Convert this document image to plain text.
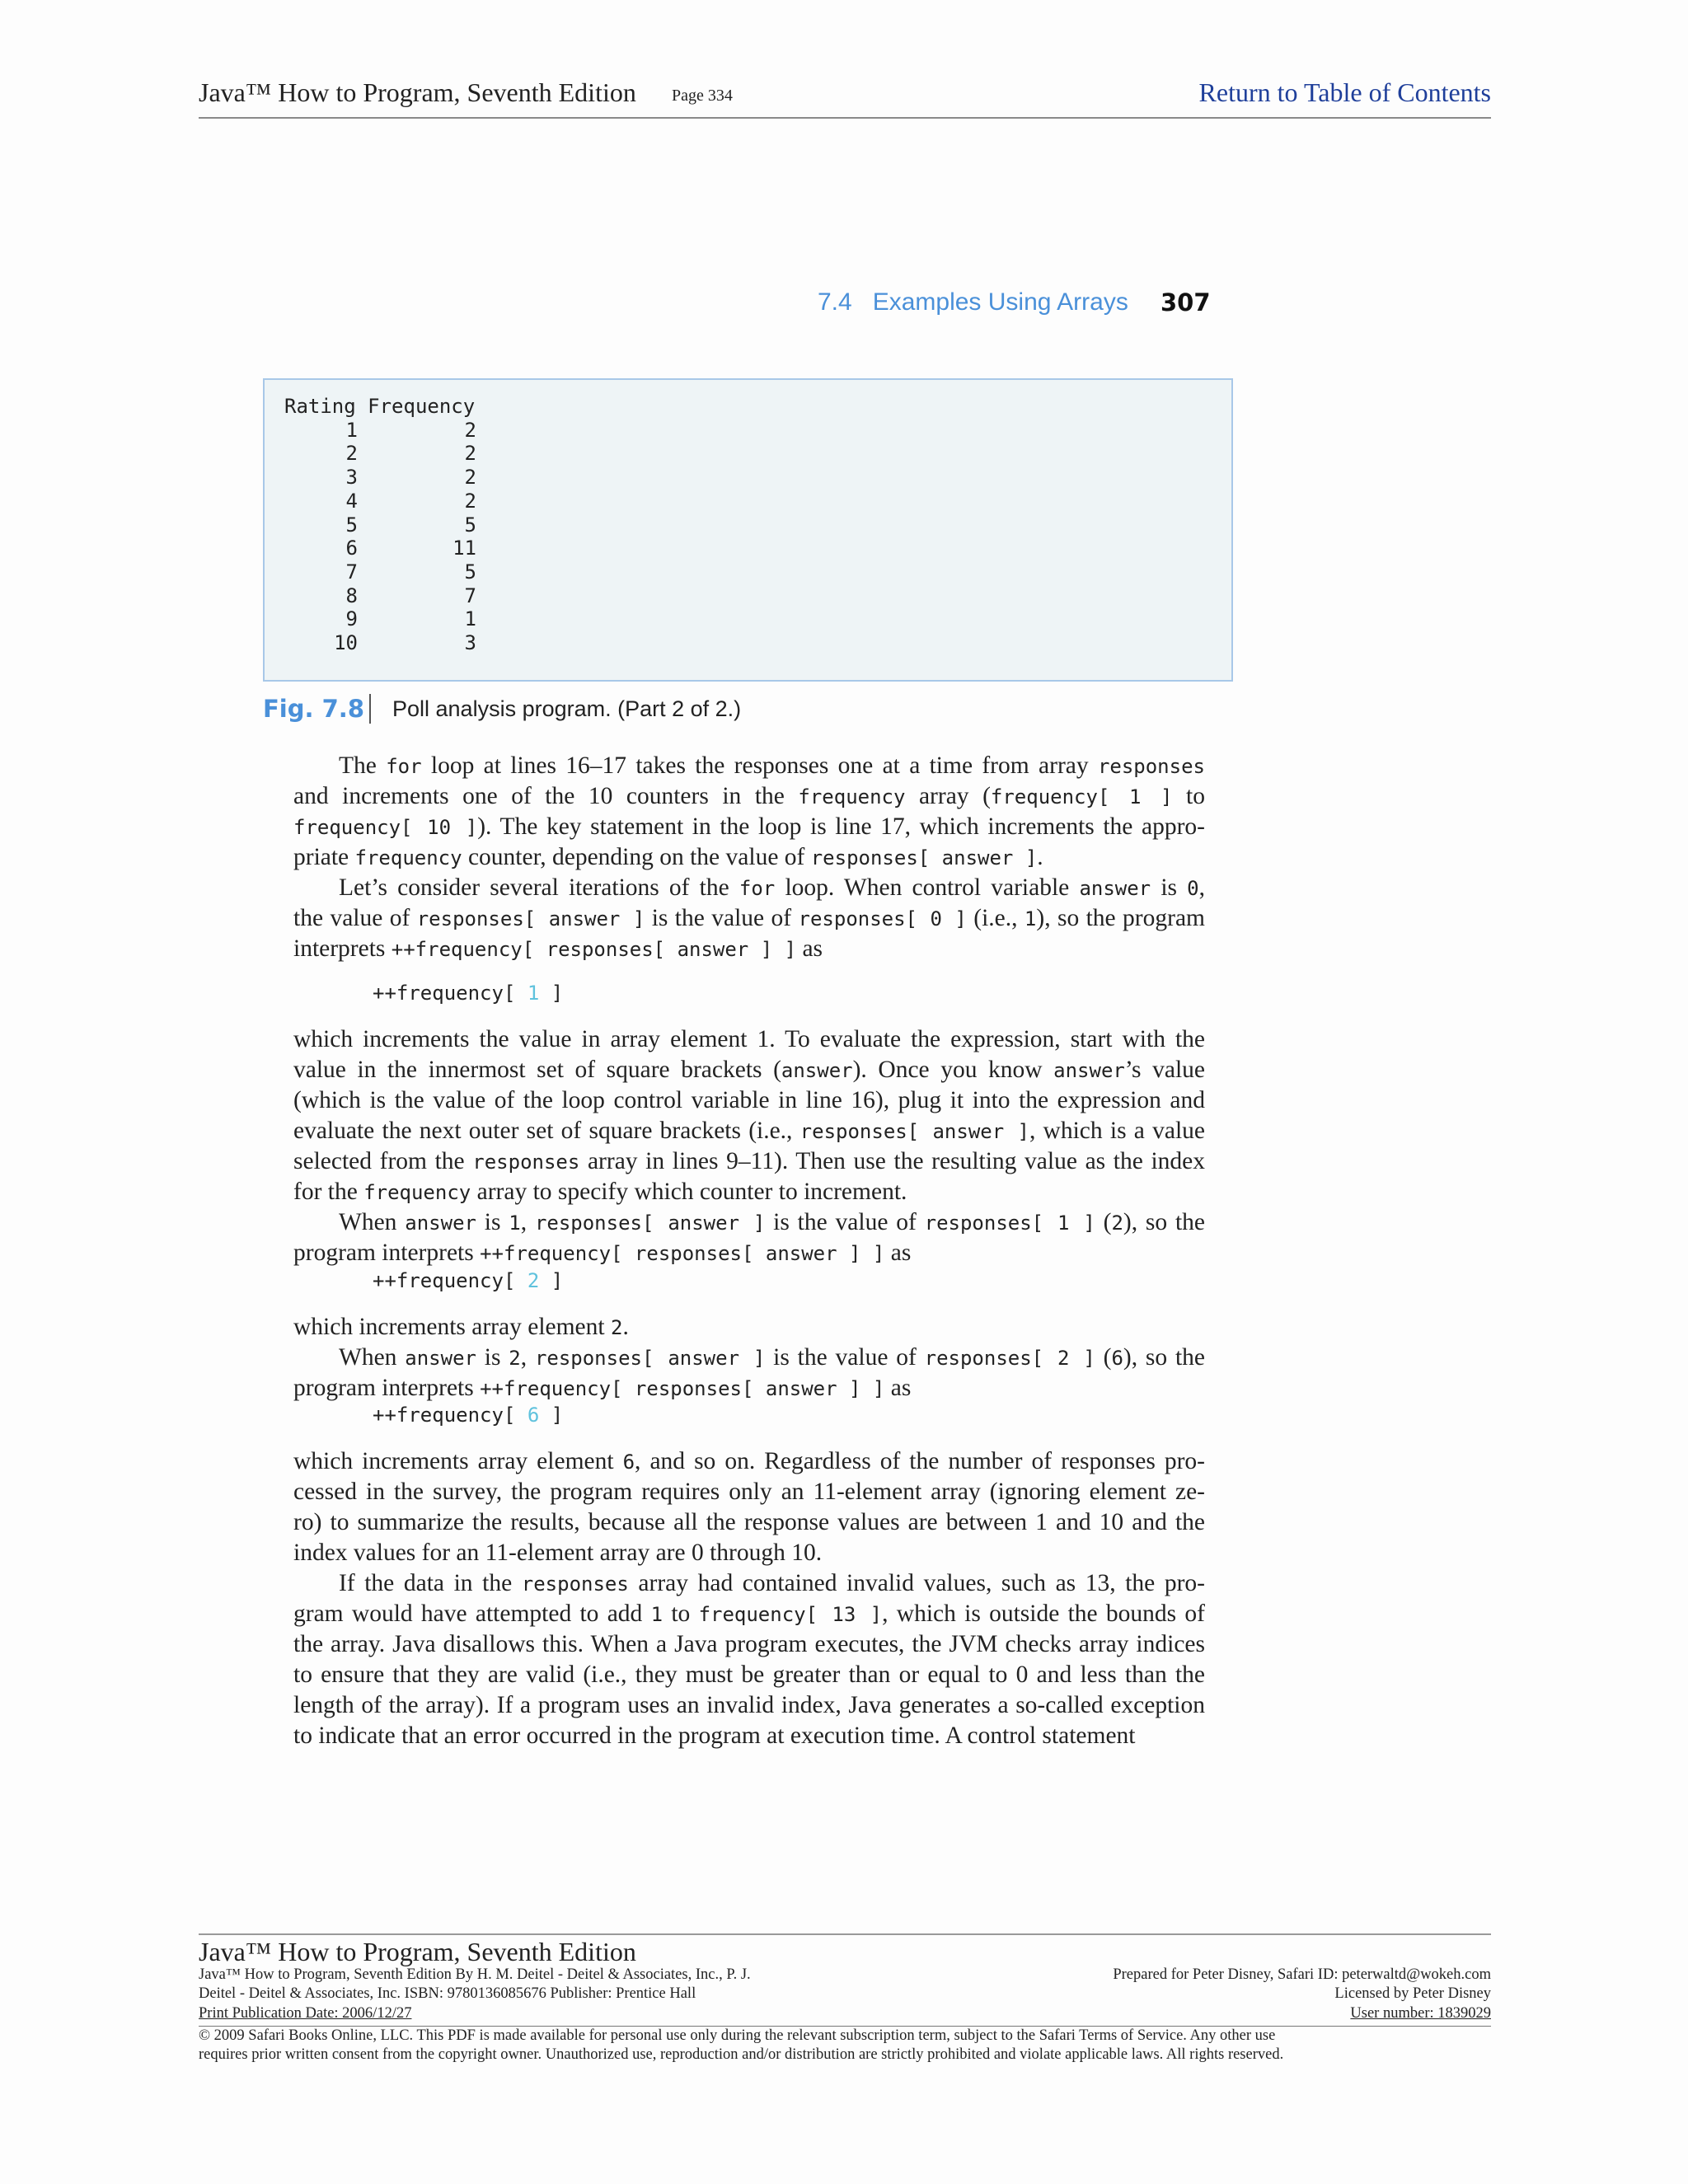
Java™ How to Program, Seventh Edition Page 334	Return to Table of Contents
7.4   Examples Using Arrays 307
Rating Frequency
1	2
2	2
3	2
4	2
5	5
6	11
7	5
8	7
9	1
10	3
Fig. 7.8 Poll analysis program. (Part 2 of 2.)
The for loop at lines 16–17 takes the responses one at a time from array responses
and increments one of the 10 counters in the frequency array (frequency[ 1 ] to
frequency[ 10 ]). The key statement in the loop is line 17, which increments the appro-
priate frequency counter, depending on the value of responses[ answer ].
Let’s consider several iterations of the for loop. When control variable answer is 0,
the value of responses[ answer ] is the value of responses[ 0 ] (i.e., 1), so the program
interprets ++frequency[ responses[ answer ] ] as
++frequency[ 1 ]
which increments the value in array element 1. To evaluate the expression, start with the
value in the innermost set of square brackets (answer). Once you know answer’s value
(which is the value of the loop control variable in line 16), plug it into the expression and
evaluate the next outer set of square brackets (i.e., responses[ answer ], which is a value
selected from the responses array in lines 9–11). Then use the resulting value as the index
for the frequency array to specify which counter to increment.
When answer is 1, responses[ answer ] is the value of responses[ 1 ] (2), so the
program interprets ++frequency[ responses[ answer ] ] as
++frequency[ 2 ]
which increments array element 2.
When answer is 2, responses[ answer ] is the value of responses[ 2 ] (6), so the
program interprets ++frequency[ responses[ answer ] ] as
++frequency[ 6 ]
which increments array element 6, and so on. Regardless of the number of responses pro-
cessed in the survey, the program requires only an 11-element array (ignoring element ze-
ro) to summarize the results, because all the response values are between 1 and 10 and the
index values for an 11-element array are 0 through 10.
If the data in the responses array had contained invalid values, such as 13, the pro-
gram would have attempted to add 1 to frequency[ 13 ], which is outside the bounds of
the array. Java disallows this. When a Java program executes, the JVM checks array indices
to ensure that they are valid (i.e., they must be greater than or equal to 0 and less than the
length of the array). If a program uses an invalid index, Java generates a so-called exception
to indicate that an error occurred in the program at execution time. A control statement
Java™ How to Program, Seventh Edition
Java™ How to Program, Seventh Edition By H. M. Deitel - Deitel & Associates, Inc., P. J.
Deitel - Deitel & Associates, Inc. ISBN: 9780136085676 Publisher: Prentice Hall
Print Publication Date: 2006/12/27
Prepared for Peter Disney, Safari ID: peterwaltd@wokeh.com
Licensed by Peter Disney
User number: 1839029
© 2009 Safari Books Online, LLC. This PDF is made available for personal use only during the relevant subscription term, subject to the Safari Terms of Service. Any other use
requires prior written consent from the copyright owner. Unauthorized use, reproduction and/or distribution are strictly prohibited and violate applicable laws. All rights reserved.
